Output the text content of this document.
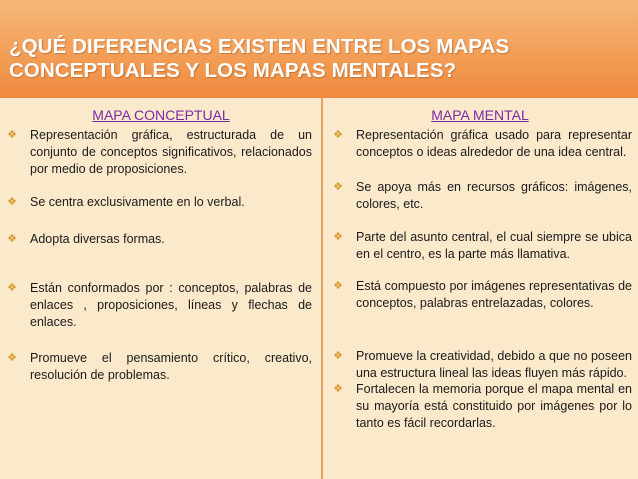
¿QUÉ DIFERENCIAS EXISTEN ENTRE LOS MAPAS CONCEPTUALES Y LOS MAPAS MENTALES?
MAPA CONCEPTUAL
❖ Representación gráfica, estructurada de un conjunto de conceptos significativos, relacionados por medio de proposiciones.
❖ Se centra exclusivamente en lo verbal.
❖ Adopta diversas formas.
❖ Están conformados por : conceptos, palabras de enlaces , proposiciones, líneas y flechas de enlaces.
❖ Promueve el pensamiento crítico, creativo, resolución de problemas.
MAPA MENTAL
❖ Representación gráfica usado para representar conceptos o ideas alrededor de una idea central.
❖ Se apoya más en recursos gráficos: imágenes, colores, etc.
❖ Parte del asunto central, el cual siempre se ubica en el centro, es la parte más llamativa.
❖ Está compuesto por imágenes representativas de conceptos, palabras entrelazadas, colores.
❖ Promueve la creatividad, debido a que no poseen una estructura lineal las ideas fluyen más rápido.
❖ Fortalecen la memoria porque el mapa mental en su mayoría está constituido por imágenes por lo tanto es fácil recordarlas.
